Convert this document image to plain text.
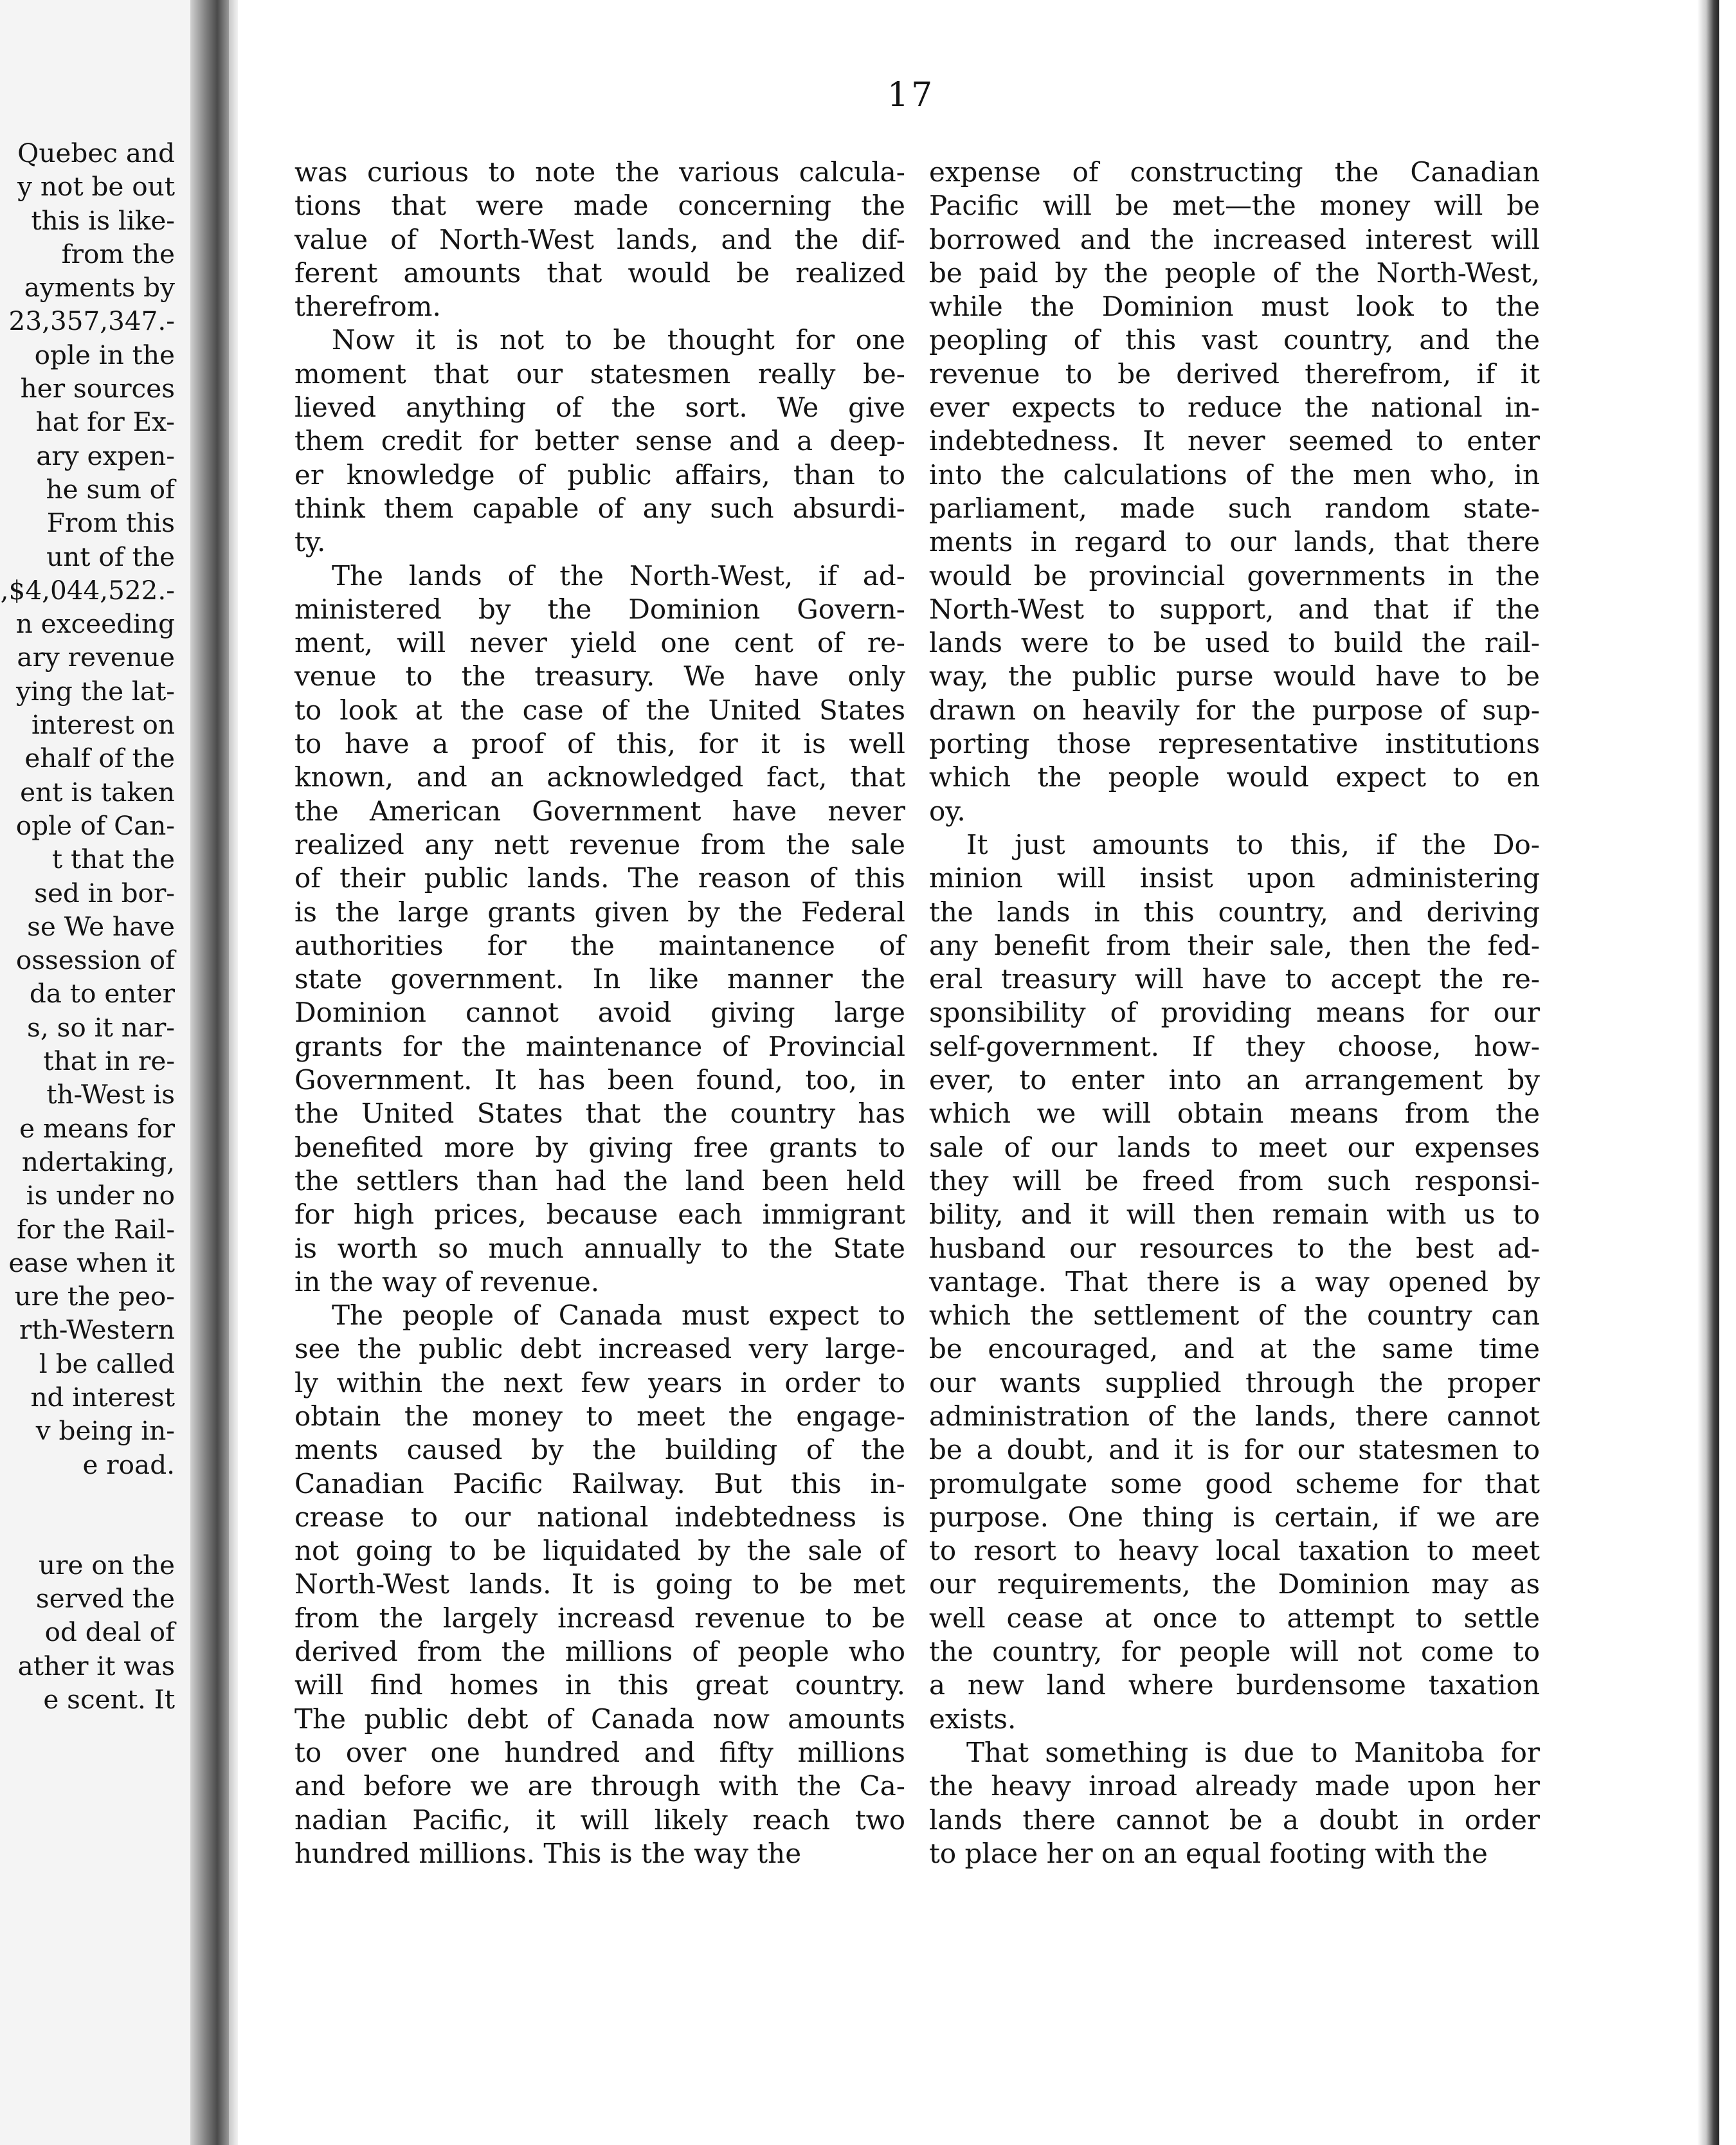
Quebec and
y not be out
this is like-
from the
ayments by
23,357,347.-
ople in the
her sources
hat for Ex-
ary expen-
he sum of
From this
unt of the
,$4,044,522.-
n exceeding
ary revenue
ying the lat-
interest on
ehalf of the
ent is taken
ople of Can-
t that the
sed in bor-
se We have
ossession of
da to enter
s, so it nar-
that in re-
th-West is
e means for
ndertaking,
is under no
for the Rail-
ease when it
ure the peo-
rth-Western
l be called
nd interest
v being in-
e road.
ure on the
served the
od deal of
ather it was
e scent. It
17
was curious to note the various calcula-
tions that were made concerning the
value of North-West lands, and the dif-
ferent amounts that would be realized
therefrom.
Now it is not to be thought for one
moment that our statesmen really be-
lieved anything of the sort. We give
them credit for better sense and a deep-
er knowledge of public affairs, than to
think them capable of any such absurdi-
ty.
The lands of the North-West, if ad-
ministered by the Dominion Govern-
ment, will never yield one cent of re-
venue to the treasury. We have only
to look at the case of the United States
to have a proof of this, for it is well
known, and an acknowledged fact, that
the American Government have never
realized any nett revenue from the sale
of their public lands. The reason of this
is the large grants given by the Federal
authorities for the maintanence of
state government. In like manner the
Dominion cannot avoid giving large
grants for the maintenance of Provincial
Government. It has been found, too, in
the United States that the country has
benefited more by giving free grants to
the settlers than had the land been held
for high prices, because each immigrant
is worth so much annually to the State
in the way of revenue.
The people of Canada must expect to
see the public debt increased very large-
ly within the next few years in order to
obtain the money to meet the engage-
ments caused by the building of the
Canadian Pacific Railway. But this in-
crease to our national indebtedness is
not going to be liquidated by the sale of
North-West lands. It is going to be met
from the largely increasd revenue to be
derived from the millions of people who
will find homes in this great country.
The public debt of Canada now amounts
to over one hundred and fifty millions
and before we are through with the Ca-
nadian Pacific, it will likely reach two
hundred millions. This is the way the
expense of constructing the Canadian
Pacific will be met—the money will be
borrowed and the increased interest will
be paid by the people of the North-West,
while the Dominion must look to the
peopling of this vast country, and the
revenue to be derived therefrom, if it
ever expects to reduce the national in-
indebtedness. It never seemed to enter
into the calculations of the men who, in
parliament, made such random state-
ments in regard to our lands, that there
would be provincial governments in the
North-West to support, and that if the
lands were to be used to build the rail-
way, the public purse would have to be
drawn on heavily for the purpose of sup-
porting those representative institutions
which the people would expect to en
oy.
It just amounts to this, if the Do-
minion will insist upon administering
the lands in this country, and deriving
any benefit from their sale, then the fed-
eral treasury will have to accept the re-
sponsibility of providing means for our
self-government. If they choose, how-
ever, to enter into an arrangement by
which we will obtain means from the
sale of our lands to meet our expenses
they will be freed from such responsi-
bility, and it will then remain with us to
husband our resources to the best ad-
vantage. That there is a way opened by
which the settlement of the country can
be encouraged, and at the same time
our wants supplied through the proper
administration of the lands, there cannot
be a doubt, and it is for our statesmen to
promulgate some good scheme for that
purpose. One thing is certain, if we are
to resort to heavy local taxation to meet
our requirements, the Dominion may as
well cease at once to attempt to settle
the country, for people will not come to
a new land where burdensome taxation
exists.
That something is due to Manitoba for
the heavy inroad already made upon her
lands there cannot be a doubt in order
to place her on an equal footing with the
